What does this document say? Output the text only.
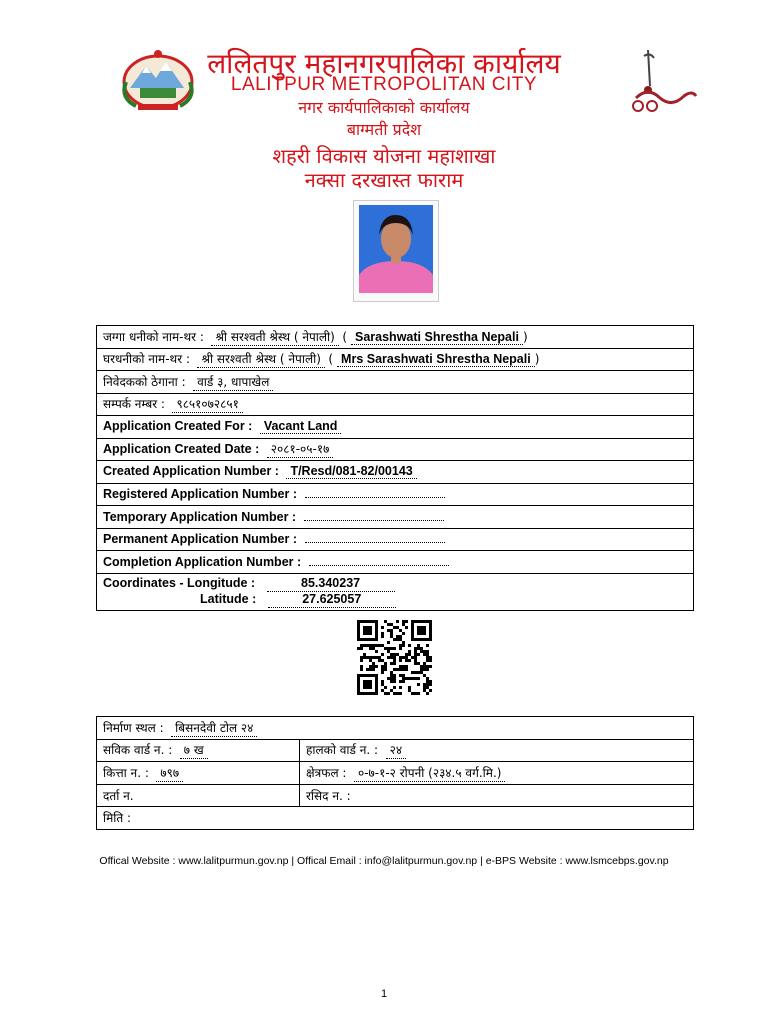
ललितपुर महानगरपालिका कार्यालय
LALITPUR METROPOLITAN CITY
नगर कार्यपालिकाको कार्यालय
बाग्मती प्रदेश
शहरी विकास योजना महाशाखा
नक्सा दरखास्त फाराम
जग्गा धनीको नाम-थर : श्री सरश्वती श्रेस्थ ( नेपाली) ( Sarashwati Shrestha Nepali )
घरधनीको नाम-थर : श्री सरश्वती श्रेस्थ ( नेपाली) ( Mrs Sarashwati Shrestha Nepali )
निवेदकको ठेगाना : वार्ड ३, धापाखेल
सम्पर्क नम्बर : ९८५१०७२८५१
Application Created For : Vacant Land
Application Created Date : २०८१-०५-१७
Created Application Number : T/Resd/081-82/00143
Registered Application Number :
Temporary Application Number :
Permanent Application Number :
Completion Application Number :

Coordinates - Longitude :	85.340237
Latitude :	27.625057
निर्माण स्थल : बिसनदेवी टोल २४	
सविक वार्ड न. : ७ ख	हालको वार्ड न. : २४
कित्ता न. : ७९७	क्षेत्रफल : ०-७-१-२ रोपनी (२३४.५ वर्ग.मि.)
दर्ता न.	रसिद न. :
मिति :	
Offical Website : www.lalitpurmun.gov.np | Offical Email : info@lalitpurmun.gov.np | e-BPS Website : www.lsmcebps.gov.np
1
